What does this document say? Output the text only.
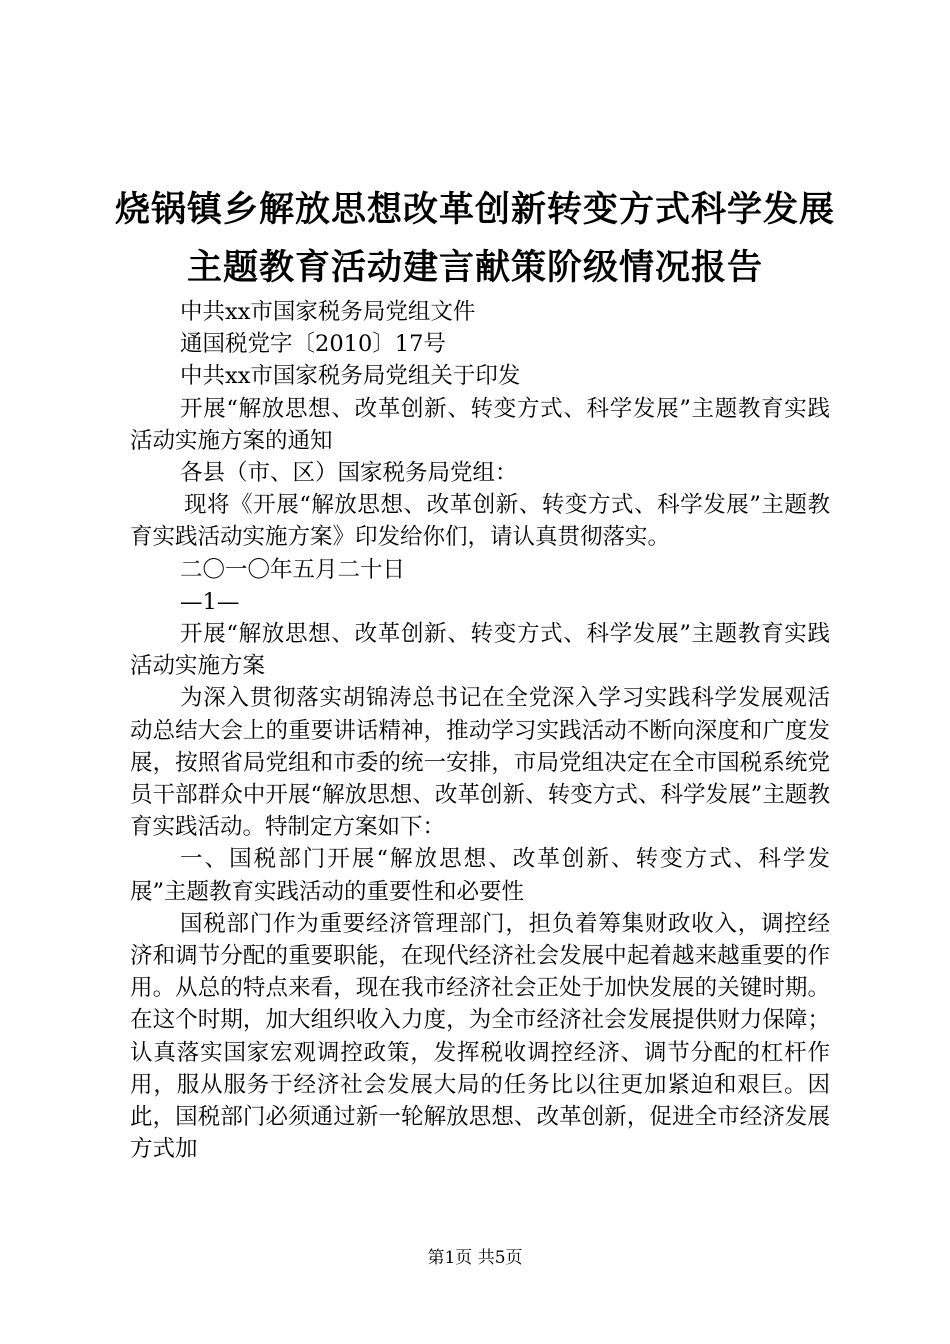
烧锅镇乡解放思想改革创新转变方式科学发展
主题教育活动建言献策阶级情况报告

中共xx市国家税务局党组文件

通国税党字〔2010〕17号

中共xx市国家税务局党组关于印发

开展“解放思想、改革创新、转变方式、科学发展”主题教育实践活动实施方案的通知

各县（市、区）国家税务局党组：

现将《开展“解放思想、改革创新、转变方式、科学发展”主题教育实践活动实施方案》印发给你们，请认真贯彻落实。

二〇一〇年五月二十日

—1—

开展“解放思想、改革创新、转变方式、科学发展”主题教育实践活动实施方案

为深入贯彻落实胡锦涛总书记在全党深入学习实践科学发展观活动总结大会上的重要讲话精神，推动学习实践活动不断向深度和广度发展，按照省局党组和市委的统一安排，市局党组决定在全市国税系统党员干部群众中开展“解放思想、改革创新、转变方式、科学发展”主题教育实践活动。特制定方案如下：

一、国税部门开展“解放思想、改革创新、转变方式、科学发展”主题教育实践活动的重要性和必要性

国税部门作为重要经济管理部门，担负着筹集财政收入，调控经济和调节分配的重要职能，在现代经济社会发展中起着越来越重要的作用。从总的特点来看，现在我市经济社会正处于加快发展的关键时期。在这个时期，加大组织收入力度，为全市经济社会发展提供财力保障；认真落实国家宏观调控政策，发挥税收调控经济、调节分配的杠杆作用，服从服务于经济社会发展大局的任务比以往更加紧迫和艰巨。因此，国税部门必须通过新一轮解放思想、改革创新，促进全市经济发展方式加

第1页 共5页
